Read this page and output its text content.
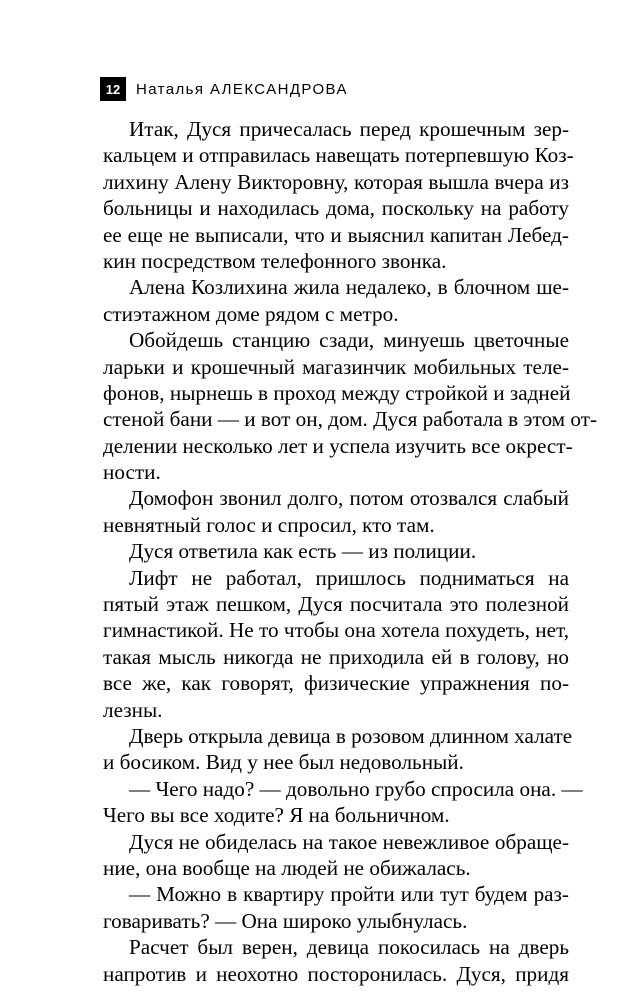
12	Наталья АЛЕКСАНДРОВА
Итак, Дуся причесалась перед крошечным зер-
кальцем и отправилась навещать потерпевшую Коз-
лихину Алену Викторовну, которая вышла вчера из
больницы и находилась дома, поскольку на работу
ее еще не выписали, что и выяснил капитан Лебед-
кин посредством телефонного звонка.
Алена Козлихина жила недалеко, в блочном ше-
стиэтажном доме рядом с метро.
Обойдешь станцию сзади, минуешь цветочные
ларьки и крошечный магазинчик мобильных теле-
фонов, нырнешь в проход между стройкой и задней
стеной бани — и вот он, дом. Дуся работала в этом от-
делении несколько лет и успела изучить все окрест-
ности.
Домофон звонил долго, потом отозвался слабый
невнятный голос и спросил, кто там.
Дуся ответила как есть — из полиции.
Лифт не работал, пришлось подниматься на
пятый этаж пешком, Дуся посчитала это полезной
гимнастикой. Не то чтобы она хотела похудеть, нет,
такая мысль никогда не приходила ей в голову, но
все же, как говорят, физические упражнения по-
лезны.
Дверь открыла девица в розовом длинном халате
и босиком. Вид у нее был недовольный.
— Чего надо? — довольно грубо спросила она. —
Чего вы все ходите? Я на больничном.
Дуся не обиделась на такое невежливое обраще-
ние, она вообще на людей не обижалась.
— Можно в квартиру пройти или тут будем раз-
говаривать? — Она широко улыбнулась.
Расчет был верен, девица покосилась на дверь
напротив и неохотно посторонилась. Дуся, придя
